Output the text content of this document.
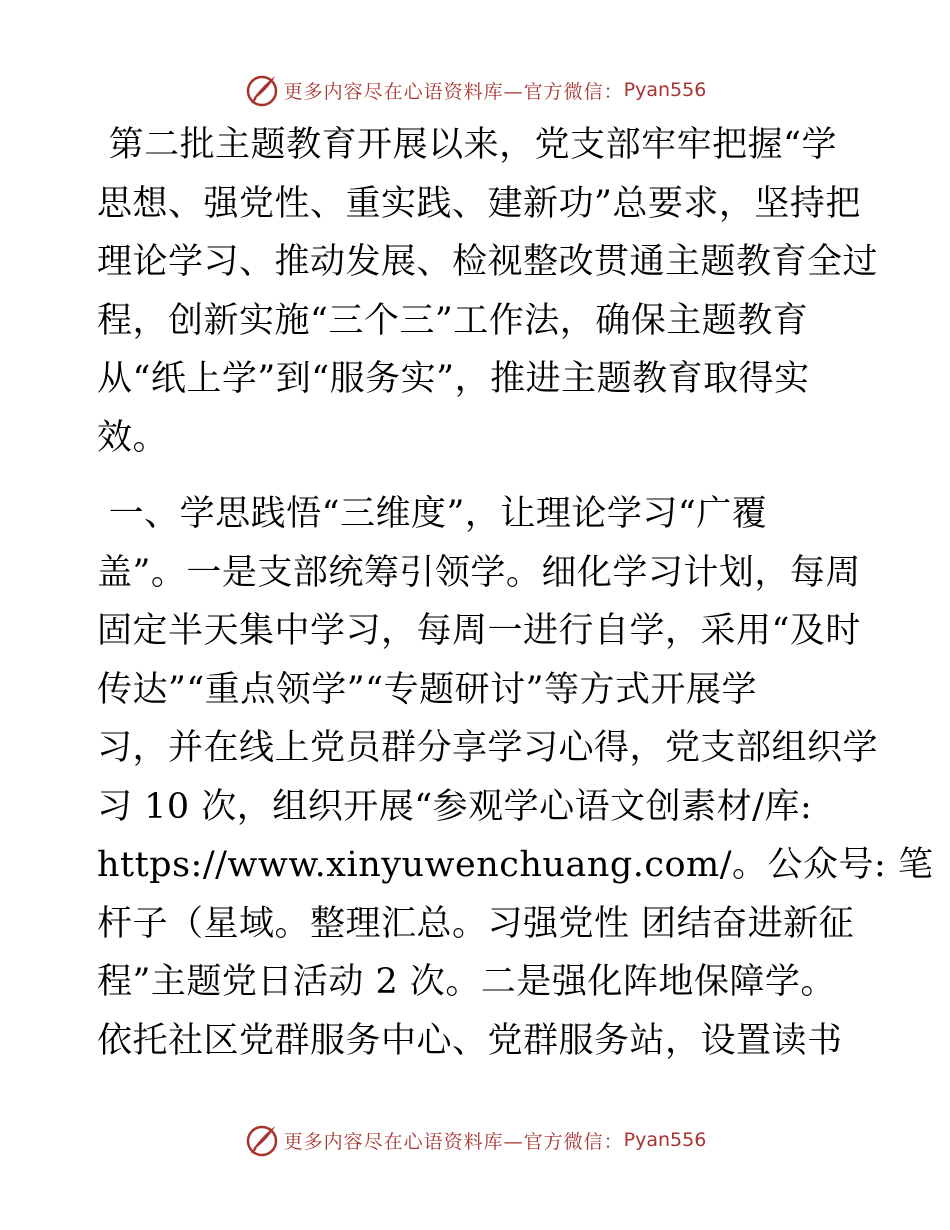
更多内容尽在心语资料库—官方微信： Pyan556
第二批主题教育开展以来，党支部牢牢把握“学
思想、强党性、重实践、建新功”总要求，坚持把
理论学习、推动发展、检视整改贯通主题教育全过
程，创新实施“三个三”工作法，确保主题教育
从“纸上学”到“服务实”，推进主题教育取得实
效。
一、学思践悟“三维度”，让理论学习“广覆
盖”。一是支部统筹引领学。细化学习计划，每周
固定半天集中学习，每周一进行自学，采用“及时
传达”“重点领学”“专题研讨”等方式开展学
习，并在线上党员群分享学习心得，党支部组织学
习 10 次，组织开展“参观学心语文创素材/库:
https://www.xinyuwenchuang.com/。公众号: 笔
杆子（星域。整理汇总。习强党性 团结奋进新征
程”主题党日活动 2 次。二是强化阵地保障学。
依托社区党群服务中心、党群服务站，设置读书
更多内容尽在心语资料库—官方微信： Pyan556
